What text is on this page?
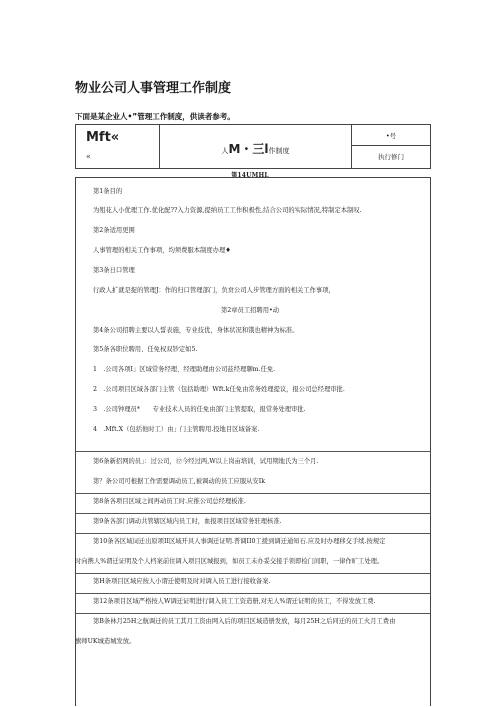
物业公司人事管理工作制度

下面是某企业人•”管理工作制度，供读者参考。

Mft«
«
人M・三l作制度
•号
执行修门
第14UMHL
第1条目的
为殂花人小优理工作.优化配??入力资源,提纳员工工作积极性,结合公司的实际情况,特制定本制叹.
第2条适用更围
人事管理的相关工作事项，均须费服本制度办理♦
第3条日口管理
行政人扩就是捉的管理J：作的归口管理部门，负贲公司人步管理方面的相关工作事项，
第2章员工招聘用•动
第4条公司招聘主要以人誓表施，专业技优，身体状况和饿也精神为标准。
第5条各职位聘用、任免权双钞定如5.
1　.公司各项Ⅰ」区域常务经理、经理助理由公司兹经理聊m.任免.
2　.公司项目区域各部门主管（包括助理）Wft.k任免由常务姓理提议，报公司总经理审批.
3　.公司钟理员*　　专业技术人员的任免由部门主管提取，报常务处理审批.
4　.Mft.X（包括他时工）由」门主管聘用.投地目区域备案.
第6条新招网的员」：过公司，⑰今经过两,W以上岗亩培训，试用期地氏为三个月.
第？条公司可根据工作需要调动员工,被调动的员工应服从安Ik
第8条各项目区域之间再动员工时.应推公司总经理板准.
第9条各部门调动共管辖区域内员工时，血报项目区域常务驻理核准.
第10条各区域词迁出原项II区域开具人事调迁证明.普调II0工援到调迁通知石.应及时办理移交手续.按规定
时向携人%谓迁证明及个人档案前住调入项目区城报到，如员工未办妥交接手领即检门间职，一律作旷工处理。
第H条项目区域应按人小谓迁使明及时对调入员工进行接收备案.
第12条项目区域严格按人W调迁证明进行调入员工工资造册,对无人%谓迁证明的员工，不得发放工费.
第B条林月25H之航调迁的员工其月工资由网入后的项目区域造册发放，每月25H之后同迁的员工火月工费由
旗师UK城造城发放。
